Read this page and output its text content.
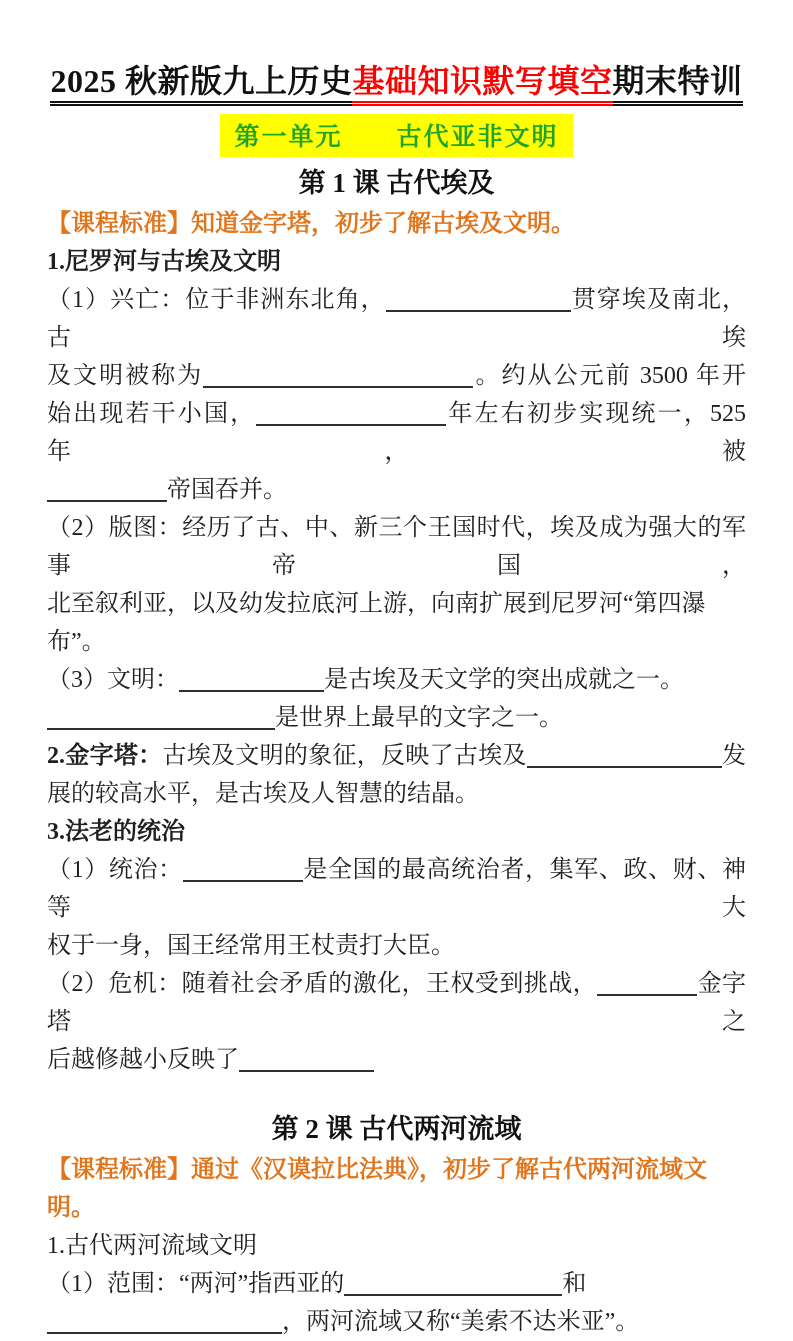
2025 秋新版九上历史基础知识默写填空期末特训
第一单元　　古代亚非文明
第 1 课 古代埃及
【课程标准】知道金字塔，初步了解古埃及文明。
1.尼罗河与古埃及文明
（1）兴亡：位于非洲东北角，	贯穿埃及南北，古埃
及文明被称为	。约从公元前 3500 年开
始出现若干小国，	年左右初步实现统一，525 年，被
帝国吞并。
（2）版图：经历了古、中、新三个王国时代，埃及成为强大的军事帝国，
北至叙利亚，以及幼发拉底河上游，向南扩展到尼罗河“第四瀑布”。
（3）文明：	是古埃及天文学的突出成就之一。
是世界上最早的文字之一。
2.金字塔：古埃及文明的象征，反映了古埃及	发
展的较高水平，是古埃及人智慧的结晶。
3.法老的统治
（1）统治：	是全国的最高统治者，集军、政、财、神等大
权于一身，国王经常用王杖责打大臣。
（2）危机：随着社会矛盾的激化，王权受到挑战，	金字塔之
后越修越小反映了
第 2 课 古代两河流域
【课程标准】通过《汉谟拉比法典》，初步了解古代两河流域文明。
1.古代两河流域文明
（1）范围：“两河”指西亚的	和
，两河流域又称“美索不达米亚”。
